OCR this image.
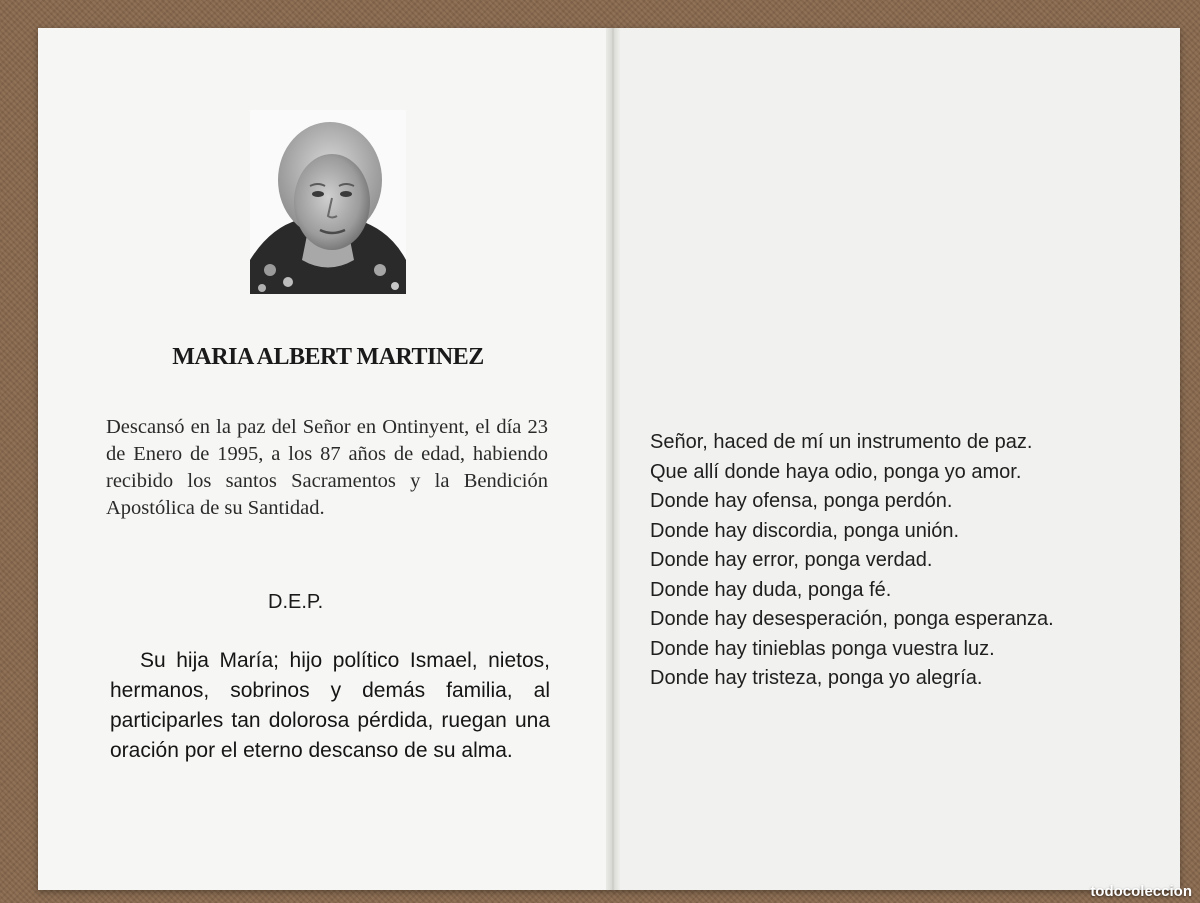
MARIA ALBERT MARTINEZ
Descansó en la paz del Señor en Ontinyent, el día 23 de Enero de 1995, a los 87 años de edad, habiendo recibido los santos Sacramentos y la Bendición Apostólica de su Santidad.
D.E.P.
Su hija María; hijo político Ismael, nietos, hermanos, sobrinos y demás familia, al participarles tan dolorosa pérdida, ruegan una oración por el eterno descanso de su alma.

Señor, haced de mí un instrumento de paz.

Que allí donde haya odio, ponga yo amor.

Donde hay ofensa, ponga perdón.

Donde hay discordia, ponga unión.

Donde hay error, ponga verdad.

Donde hay duda, ponga fé.

Donde hay desesperación, ponga esperanza.

Donde hay tinieblas ponga vuestra luz.

Donde hay tristeza, ponga yo alegría.

todocoleccion
